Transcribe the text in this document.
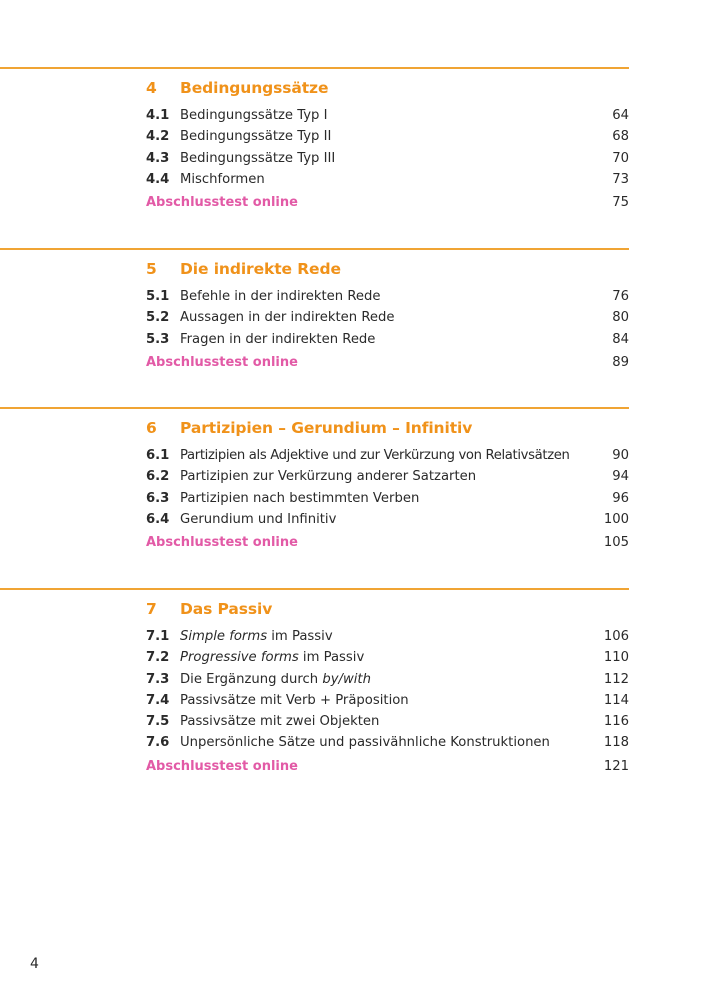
4 Bedingungssätze
4.1 Bedingungssätze Typ I	64
4.2 Bedingungssätze Typ II	68
4.3 Bedingungssätze Typ III	70
4.4 Mischformen	73
Abschlusstest online	75
5 Die indirekte Rede
5.1 Befehle in der indirekten Rede	76
5.2 Aussagen in der indirekten Rede	80
5.3 Fragen in der indirekten Rede	84
Abschlusstest online	89
6 Partizipien – Gerundium – Infinitiv
6.1 Partizipien als Adjektive und zur Verkürzung von Relativsätzen	90
6.2 Partizipien zur Verkürzung anderer Satzarten	94
6.3 Partizipien nach bestimmten Verben	96
6.4 Gerundium und Infinitiv	100
Abschlusstest online	105
7 Das Passiv
7.1 Simple forms im Passiv	106
7.2 Progressive forms im Passiv	110
7.3 Die Ergänzung durch by/with	112
7.4 Passivsätze mit Verb + Präposition	114
7.5 Passivsätze mit zwei Objekten	116
7.6 Unpersönliche Sätze und passivähnliche Konstruktionen	118
Abschlusstest online	121
4
